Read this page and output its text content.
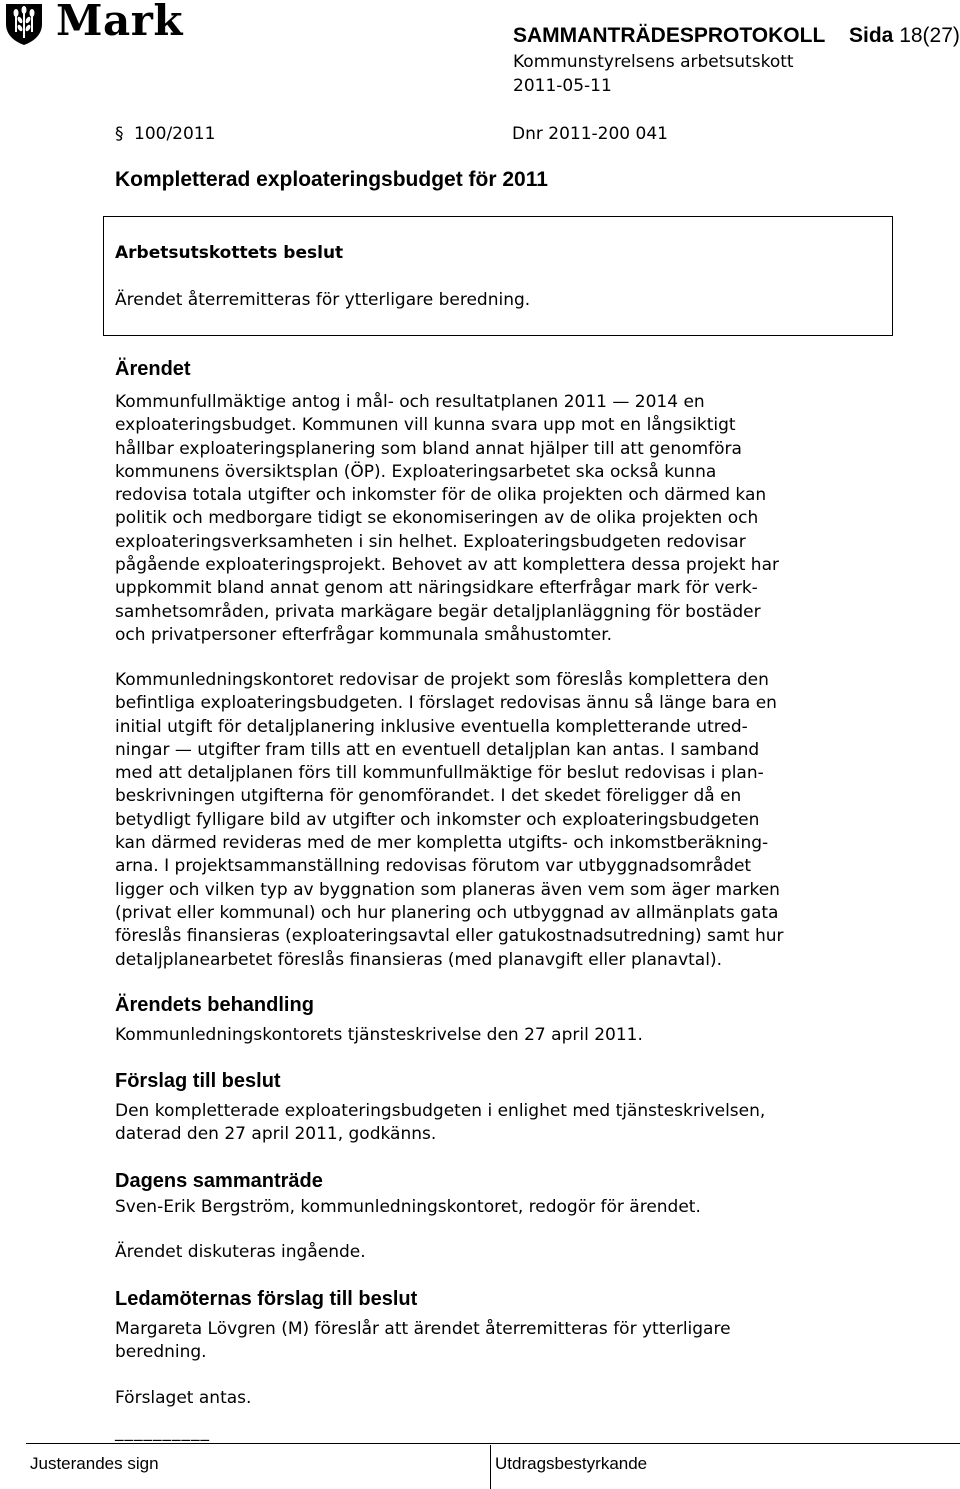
Mark	SAMMANTRÄDESPROTOKOLL Sida 18(27)
Kommunstyrelsens arbetsutskott
2011-05-11
§ 100/2011	Dnr 2011-200 041
Kompletterad exploateringsbudget för 2011
Arbetsutskottets beslut
Ärendet återremitteras för ytterligare beredning.
Ärendet
Kommunfullmäktige antog i mål- och resultatplanen 2011 — 2014 en
exploateringsbudget. Kommunen vill kunna svara upp mot en långsiktigt
hållbar exploateringsplanering som bland annat hjälper till att genomföra
kommunens översiktsplan (ÖP). Exploateringsarbetet ska också kunna
redovisa totala utgifter och inkomster för de olika projekten och därmed kan
politik och medborgare tidigt se ekonomiseringen av de olika projekten och
exploateringsverksamheten i sin helhet. Exploateringsbudgeten redovisar
pågående exploateringsprojekt. Behovet av att komplettera dessa projekt har
uppkommit bland annat genom att näringsidkare efterfrågar mark för verk-
samhetsområden, privata markägare begär detaljplanläggning för bostäder
och privatpersoner efterfrågar kommunala småhustomter.
Kommunledningskontoret redovisar de projekt som föreslås komplettera den
befintliga exploateringsbudgeten. I förslaget redovisas ännu så länge bara en
initial utgift för detaljplanering inklusive eventuella kompletterande utred-
ningar — utgifter fram tills att en eventuell detaljplan kan antas. I samband
med att detaljplanen förs till kommunfullmäktige för beslut redovisas i plan-
beskrivningen utgifterna för genomförandet. I det skedet föreligger då en
betydligt fylligare bild av utgifter och inkomster och exploateringsbudgeten
kan därmed revideras med de mer kompletta utgifts- och inkomstberäkning-
arna. I projektsammanställning redovisas förutom var utbyggnadsområdet
ligger och vilken typ av byggnation som planeras även vem som äger marken
(privat eller kommunal) och hur planering och utbyggnad av allmänplats gata
föreslås finansieras (exploateringsavtal eller gatukostnadsutredning) samt hur
detaljplanearbetet föreslås finansieras (med planavgift eller planavtal).
Ärendets behandling
Kommunledningskontorets tjänsteskrivelse den 27 april 2011.
Förslag till beslut
Den kompletterade exploateringsbudgeten i enlighet med tjänsteskrivelsen,
daterad den 27 april 2011, godkänns.
Dagens sammanträde
Sven-Erik Bergström, kommunledningskontoret, redogör för ärendet.
Ärendet diskuteras ingående.
Ledamöternas förslag till beslut
Margareta Lövgren (M) föreslår att ärendet återremitteras för ytterligare
beredning.
Förslaget antas.
__________
Justerandes sign	Utdragsbestyrkande
